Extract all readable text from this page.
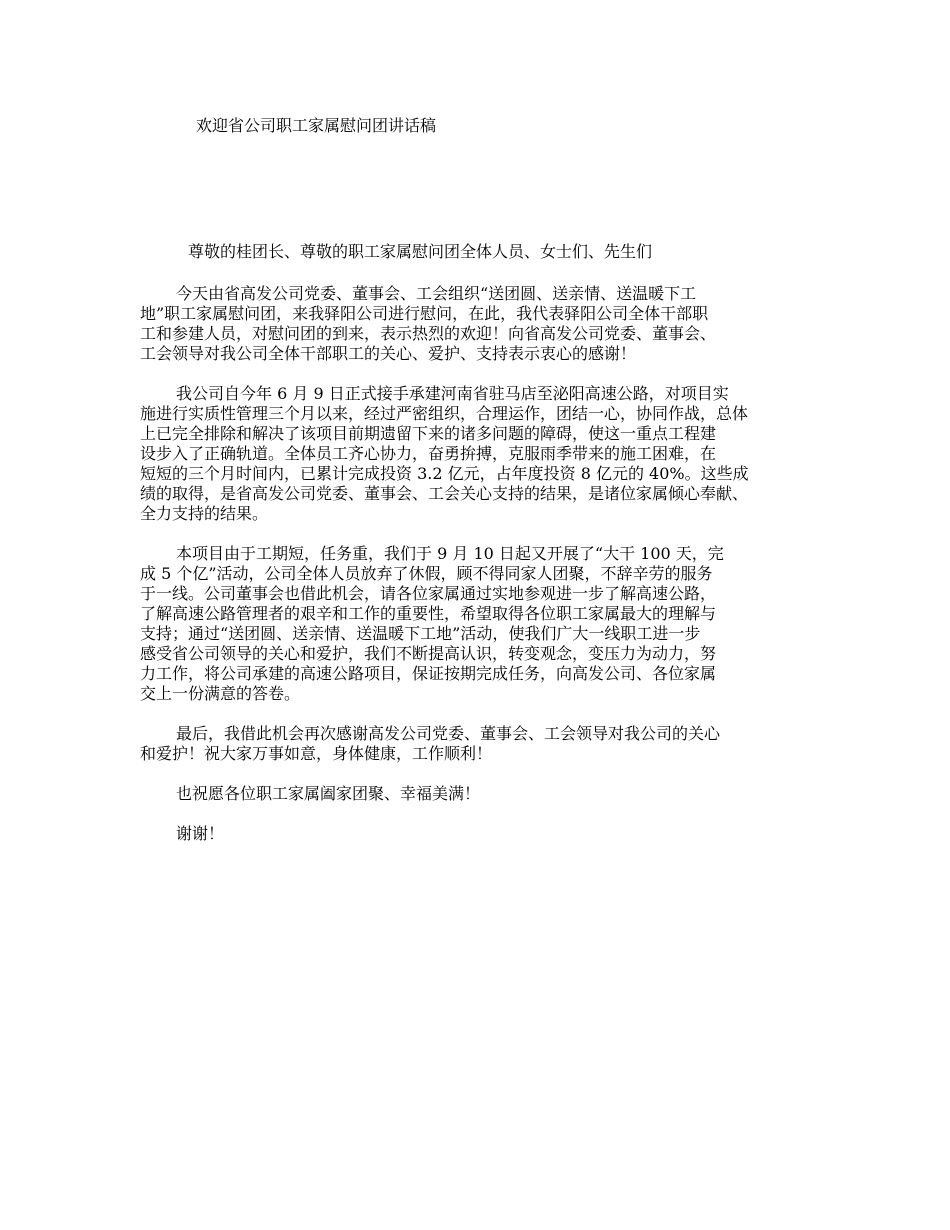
欢迎省公司职工家属慰问团讲话稿

尊敬的桂团长、尊敬的职工家属慰问团全体人员、女士们、先生们

今天由省高发公司党委、董事会、工会组织“送团圆、送亲情、送温暖下工
地”职工家属慰问团，来我驿阳公司进行慰问，在此，我代表驿阳公司全体干部职
工和参建人员，对慰问团的到来，表示热烈的欢迎！向省高发公司党委、董事会、
工会领导对我公司全体干部职工的关心、爱护、支持表示衷心的感谢！
我公司自今年 6 月 9 日正式接手承建河南省驻马店至泌阳高速公路，对项目实
施进行实质性管理三个月以来，经过严密组织，合理运作，团结一心，协同作战，总体
上已完全排除和解决了该项目前期遗留下来的诸多问题的障碍，使这一重点工程建
设步入了正确轨道。全体员工齐心协力，奋勇拚搏，克服雨季带来的施工困难，在
短短的三个月时间内，已累计完成投资 3.2 亿元，占年度投资 8 亿元的 40%。这些成
绩的取得，是省高发公司党委、董事会、工会关心支持的结果，是诸位家属倾心奉献、
全力支持的结果。
本项目由于工期短，任务重，我们于 9 月 10 日起又开展了“大干 100 天，完
成 5 个亿”活动，公司全体人员放弃了休假，顾不得同家人团聚，不辞辛劳的服务
于一线。公司董事会也借此机会，请各位家属通过实地参观进一步了解高速公路，
了解高速公路管理者的艰辛和工作的重要性，希望取得各位职工家属最大的理解与
支持；通过“送团圆、送亲情、送温暖下工地”活动，使我们广大一线职工进一步
感受省公司领导的关心和爱护，我们不断提高认识，转变观念，变压力为动力，努
力工作，将公司承建的高速公路项目，保证按期完成任务，向高发公司、各位家属
交上一份满意的答卷。
最后，我借此机会再次感谢高发公司党委、董事会、工会领导对我公司的关心
和爱护！祝大家万事如意，身体健康，工作顺利！
也祝愿各位职工家属阖家团聚、幸福美满！
谢谢！
